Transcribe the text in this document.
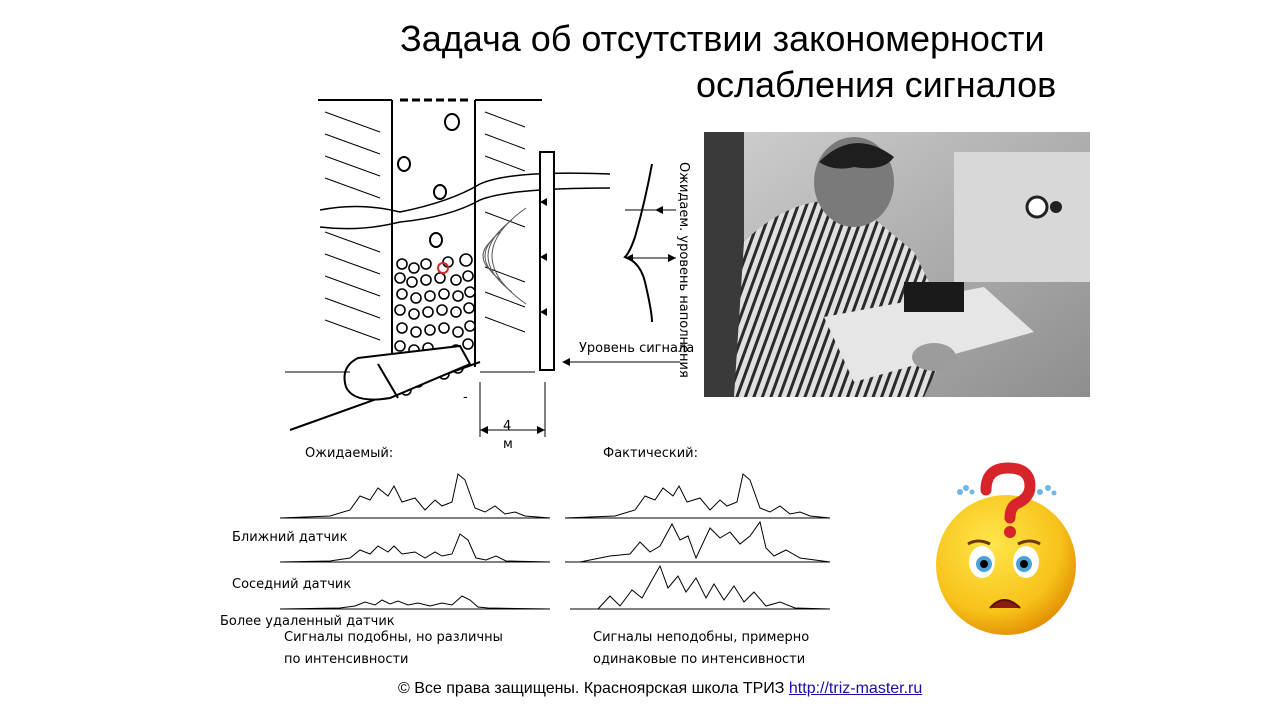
Задача об отсутствии закономерности
ослабления сигналов
Уровень сигнала
Ожидаем. уровень наполнения
4
м
-
Ожидаемый:	Фактический:
Ближний датчик
Соседний датчик
Более удаленный датчик
Сигналы подобны, но различны
по интенсивности
Сигналы неподобны, примерно
одинаковые по интенсивности
© Все права защищены. Красноярская школа ТРИЗ http://triz-master.ru
